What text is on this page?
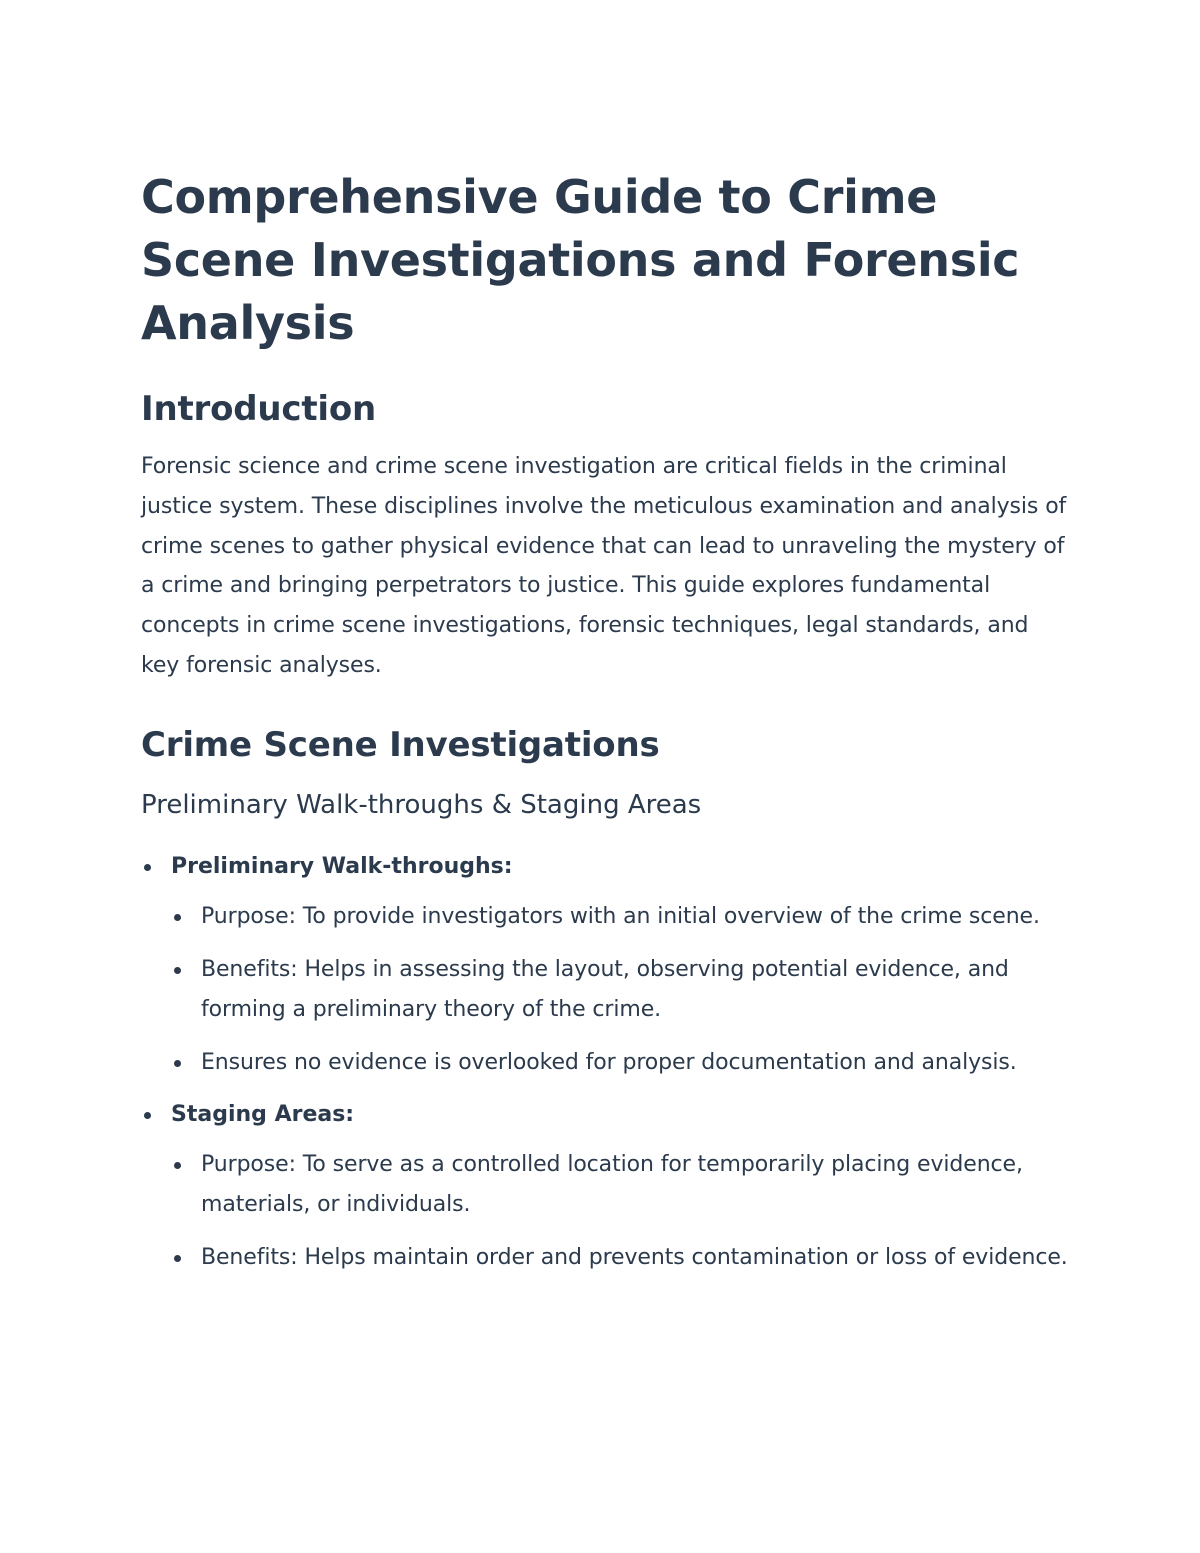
Comprehensive Guide to Crime Scene Investigations and Forensic Analysis
Introduction

Forensic science and crime scene investigation are critical fields in the criminal justice system. These disciplines involve the meticulous examination and analysis of crime scenes to gather physical evidence that can lead to unraveling the mystery of a crime and bringing perpetrators to justice. This guide explores fundamental concepts in crime scene investigations, forensic techniques, legal standards, and key forensic analyses.

Crime Scene Investigations
Preliminary Walk-throughs & Staging Areas
Preliminary Walk-throughs:
Purpose: To provide investigators with an initial overview of the crime scene.
Benefits: Helps in assessing the layout, observing potential evidence, and forming a preliminary theory of the crime.
Ensures no evidence is overlooked for proper documentation and analysis.
Staging Areas:
Purpose: To serve as a controlled location for temporarily placing evidence, materials, or individuals.
Benefits: Helps maintain order and prevents contamination or loss of evidence.
